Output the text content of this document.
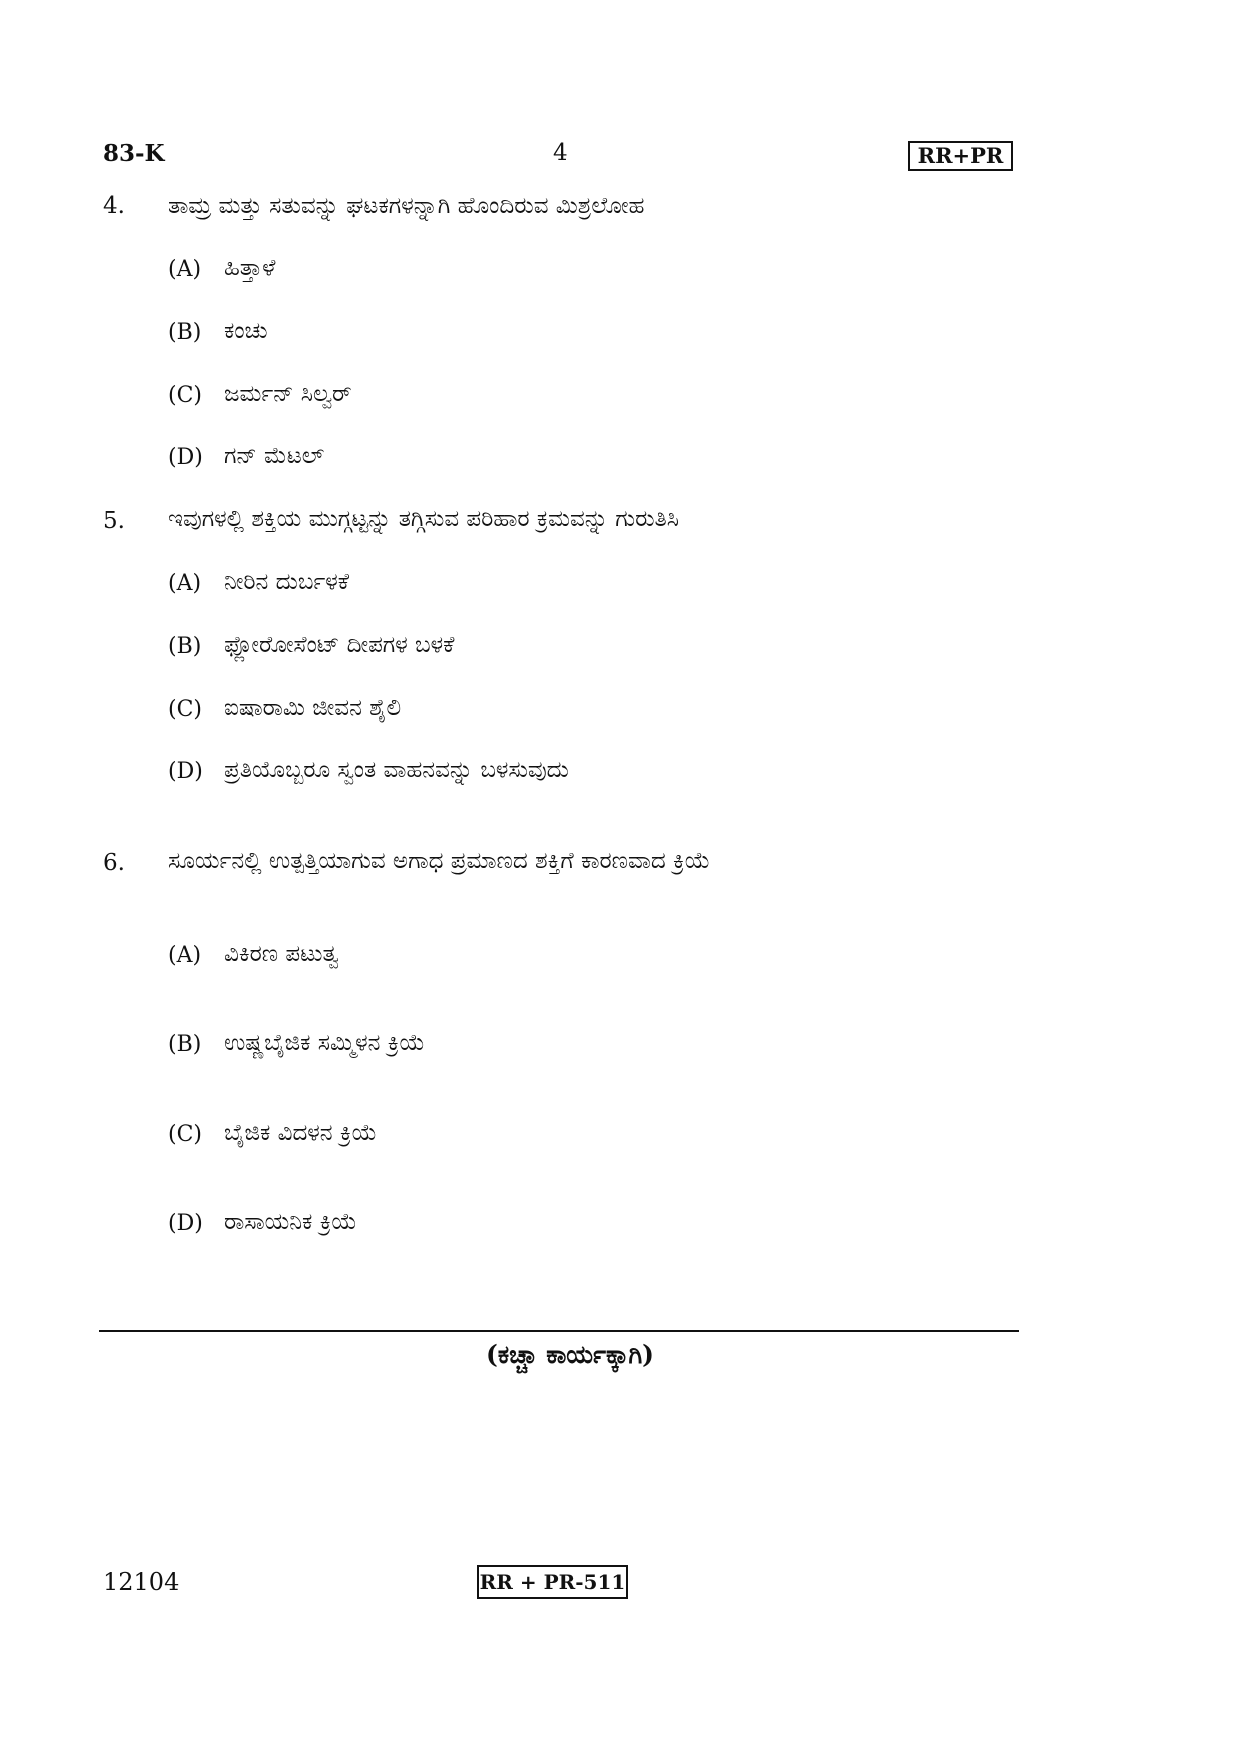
83-K	4	RR+PR
4. ತಾಮ್ರ ಮತ್ತು ಸತುವನ್ನು ಘಟಕಗಳನ್ನಾಗಿ ಹೊಂದಿರುವ ಮಿಶ್ರಲೋಹ
(A) ಹಿತ್ತಾಳೆ
(B) ಕಂಚು
(C) ಜರ್ಮನ್ ಸಿಲ್ವರ್
(D) ಗನ್ ಮೆಟಲ್
5. ಇವುಗಳಲ್ಲಿ ಶಕ್ತಿಯ ಮುಗ್ಗಟ್ಟನ್ನು ತಗ್ಗಿಸುವ ಪರಿಹಾರ ಕ್ರಮವನ್ನು ಗುರುತಿಸಿ
(A) ನೀರಿನ ದುರ್ಬಳಕೆ
(B) ಫ್ಲೋರೋಸೆಂಟ್ ದೀಪಗಳ ಬಳಕೆ
(C) ಐಷಾರಾಮಿ ಜೀವನ ಶೈಲಿ
(D) ಪ್ರತಿಯೊಬ್ಬರೂ ಸ್ವಂತ ವಾಹನವನ್ನು ಬಳಸುವುದು
6. ಸೂರ್ಯನಲ್ಲಿ ಉತ್ಪತ್ತಿಯಾಗುವ ಅಗಾಧ ಪ್ರಮಾಣದ ಶಕ್ತಿಗೆ ಕಾರಣವಾದ ಕ್ರಿಯೆ
(A) ವಿಕಿರಣ ಪಟುತ್ವ
(B) ಉಷ್ಣಬೈಜಿಕ ಸಮ್ಮಿಳನ ಕ್ರಿಯೆ
(C) ಬೈಜಿಕ ವಿದಳನ ಕ್ರಿಯೆ
(D) ರಾಸಾಯನಿಕ ಕ್ರಿಯೆ
(ಕಚ್ಚಾ ಕಾರ್ಯಕ್ಕಾಗಿ)
12104	RR + PR-511
